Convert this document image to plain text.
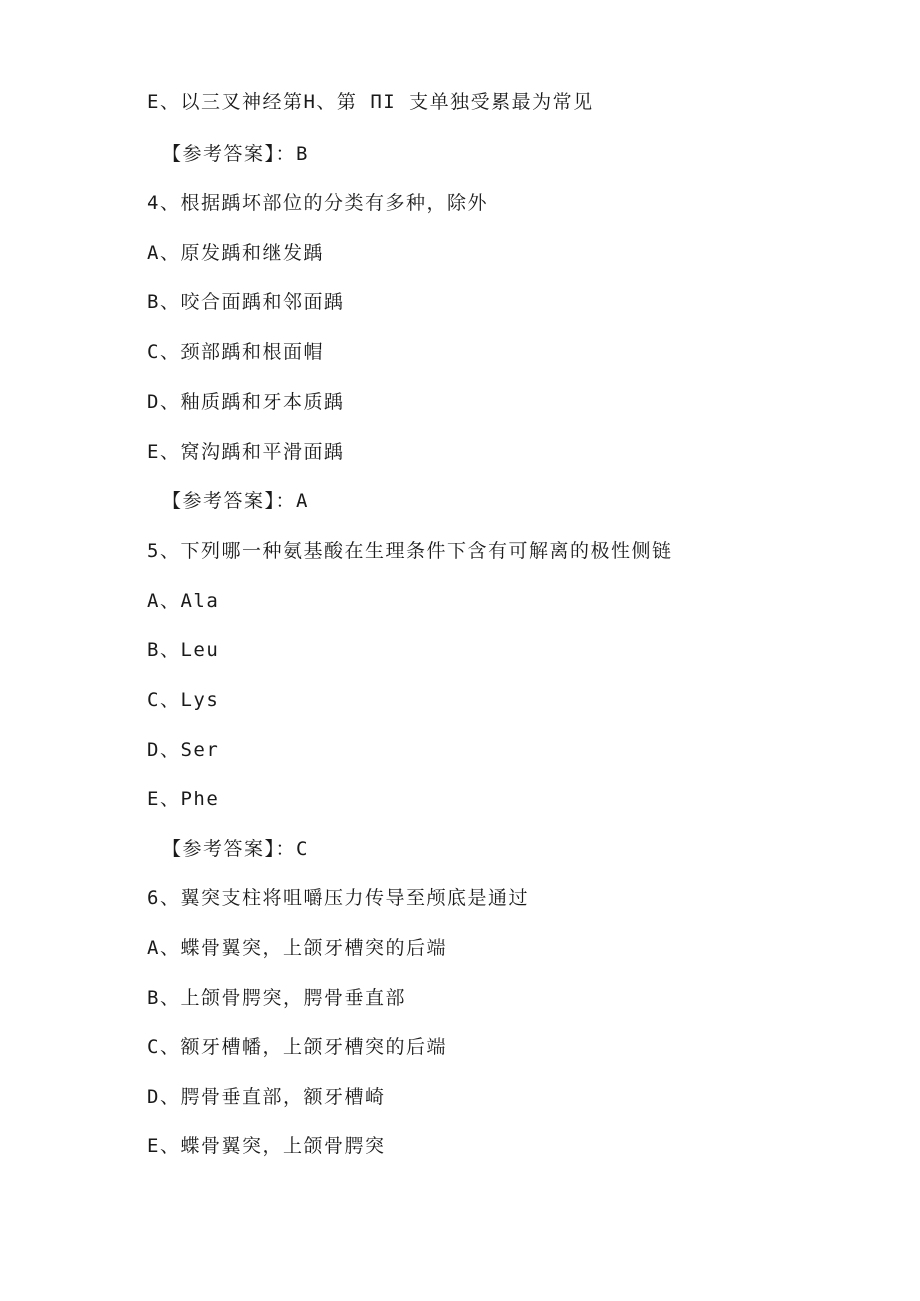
E、以三叉神经第H、第 ΠI 支单独受累最为常见
【参考答案】：B
4、根据踽坏部位的分类有多种，除外
A、原发踽和继发踽
B、咬合面踽和邻面踽
C、颈部踽和根面帽
D、釉质踽和牙本质踽
E、窝沟踽和平滑面踽
【参考答案】：A
5、下列哪一种氨基酸在生理条件下含有可解离的极性侧链
A、Ala
B、Leu
C、Lys
D、Ser
E、Phe
【参考答案】：C
6、翼突支柱将咀嚼压力传导至颅底是通过
A、蝶骨翼突，上颌牙槽突的后端
B、上颌骨腭突，腭骨垂直部
C、额牙槽幡，上颌牙槽突的后端
D、腭骨垂直部，额牙槽崎
E、蝶骨翼突，上颌骨腭突
